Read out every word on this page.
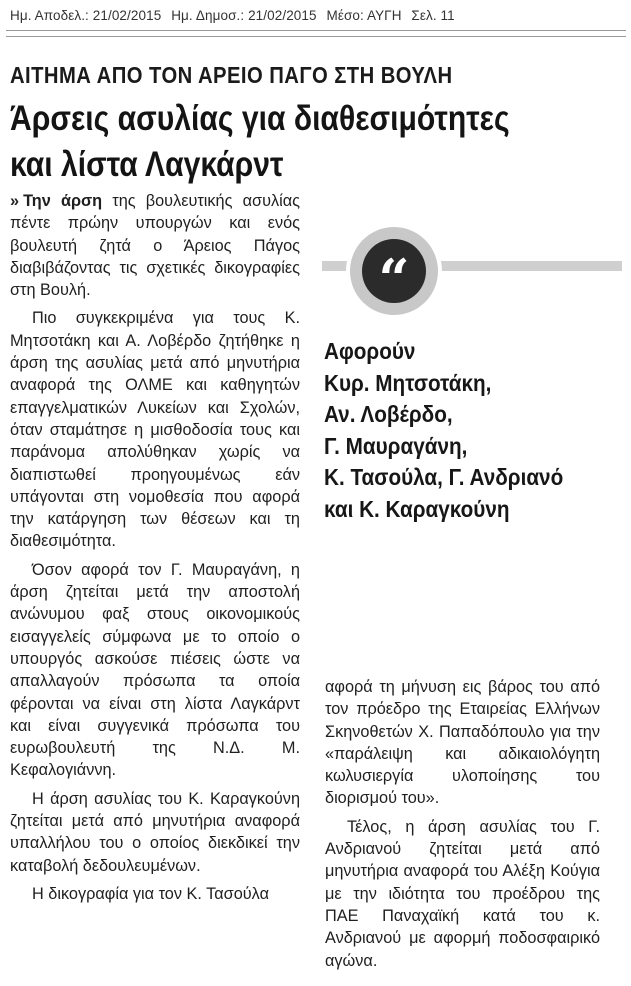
Ημ. Αποδελ.: 21/02/2015 Ημ. Δημοσ.: 21/02/2015 Μέσο: ΑΥΓΗ Σελ. 11
ΑΙΤΗΜΑ ΑΠΟ ΤΟΝ ΑΡΕΙΟ ΠΑΓΟ ΣΤΗ ΒΟΥΛΗ
Άρσεις ασυλίας για διαθεσιμότητες
και λίστα Λαγκάρντ

» Την άρση της βουλευτικής ασυλίας πέντε πρώην υπουργών και ενός βουλευτή ζητά ο Άρειος Πάγος διαβιβάζοντας τις σχετικές δικογραφίες στη Βουλή.

Πιο συγκεκριμένα για τους Κ. Μητσοτάκη και Α. Λοβέρδο ζητήθηκε η άρση της ασυλίας μετά από μηνυτήρια αναφορά της ΟΛΜΕ και καθηγητών επαγγελματικών Λυκείων και Σχολών, όταν σταμάτησε η μισθοδοσία τους και παράνομα απολύθηκαν χωρίς να διαπιστωθεί προηγουμένως εάν υπάγονται στη νομοθεσία που αφορά την κατάργηση των θέσεων και τη διαθεσιμότητα.

Όσον αφορά τον Γ. Μαυραγάνη, η άρση ζητείται μετά την αποστολή ανώνυμου φαξ στους οικονομικούς εισαγγελείς σύμφωνα με το οποίο ο υπουργός ασκούσε πιέσεις ώστε να απαλλαγούν πρόσωπα τα οποία φέρονται να είναι στη λίστα Λαγκάρντ και είναι συγγενικά πρόσωπα του ευρωβουλευτή της Ν.Δ. Μ. Κεφαλογιάννη.

Η άρση ασυλίας του Κ. Καραγκούνη ζητείται μετά από μηνυτήρια αναφορά υπαλλήλου του ο οποίος διεκδικεί την καταβολή δεδουλευμένων.

Η δικογραφία για τον Κ. Τασούλα

“
Αφορούν
Κυρ. Μητσοτάκη,
Αν. Λοβέρδο,
Γ. Μαυραγάνη,
Κ. Τασούλα, Γ. Ανδριανό
και Κ. Καραγκούνη

αφορά τη μήνυση εις βάρος του από τον πρόεδρο της Εταιρείας Ελλήνων Σκηνοθετών Χ. Παπαδόπουλο για την «παράλειψη και αδικαιολόγητη κωλυσιεργία υλοποίησης του διορισμού του».

Τέλος, η άρση ασυλίας του Γ. Ανδριανού ζητείται μετά από μηνυτήρια αναφορά του Αλέξη Κούγια με την ιδιότητα του προέδρου της ΠΑΕ Παναχαϊκή κατά του κ. Ανδριανού με αφορμή ποδοσφαιρικό αγώνα.
